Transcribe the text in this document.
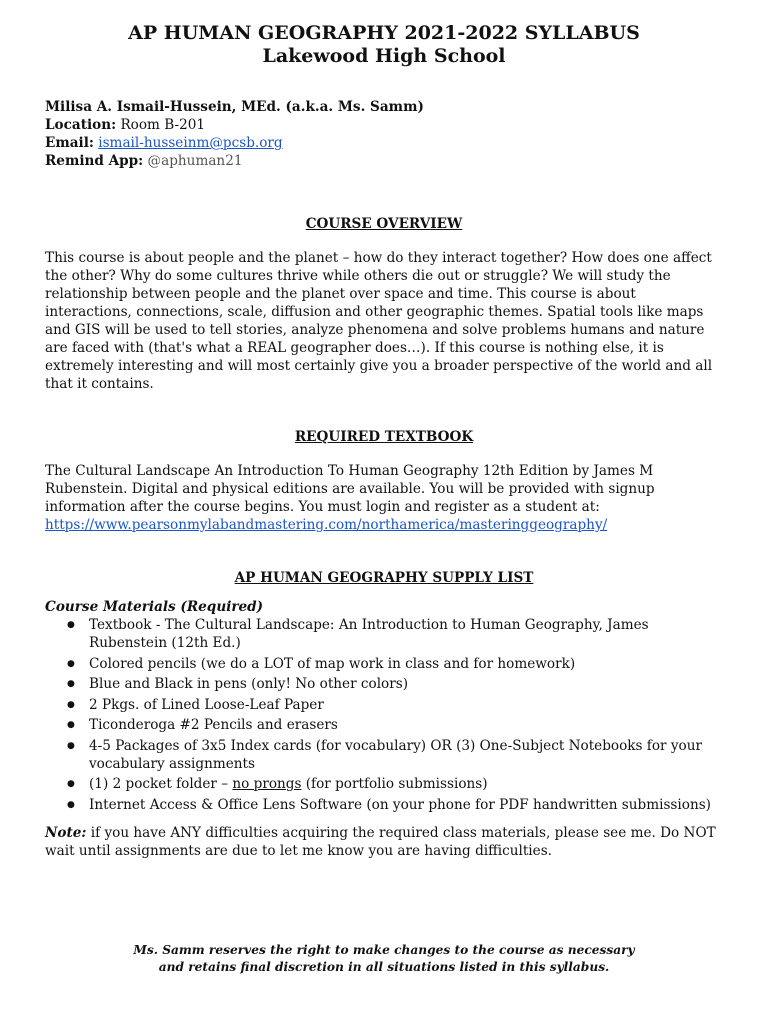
AP HUMAN GEOGRAPHY 2021-2022 SYLLABUS
Lakewood High School
Milisa A. Ismail-Hussein, MEd. (a.k.a. Ms. Samm)
Location: Room B-201
Email: ismail-husseinm@pcsb.org
Remind App: @aphuman21
COURSE OVERVIEW
This course is about people and the planet – how do they interact together? How does one affect the other? Why do some cultures thrive while others die out or struggle? We will study the relationship between people and the planet over space and time. This course is about interactions, connections, scale, diffusion and other geographic themes. Spatial tools like maps and GIS will be used to tell stories, analyze phenomena and solve problems humans and nature are faced with (that's what a REAL geographer does…). If this course is nothing else, it is extremely interesting and will most certainly give you a broader perspective of the world and all that it contains.
REQUIRED TEXTBOOK
The Cultural Landscape An Introduction To Human Geography 12th Edition by James M Rubenstein. Digital and physical editions are available. You will be provided with signup information after the course begins. You must login and register as a student at: https://www.pearsonmylabandmastering.com/northamerica/masteringgeography/
AP HUMAN GEOGRAPHY SUPPLY LIST
Course Materials (Required)
● Textbook - The Cultural Landscape: An Introduction to Human Geography, James Rubenstein (12th Ed.)
● Colored pencils (we do a LOT of map work in class and for homework)
● Blue and Black in pens (only! No other colors)
● 2 Pkgs. of Lined Loose-Leaf Paper
● Ticonderoga #2 Pencils and erasers
● 4-5 Packages of 3x5 Index cards (for vocabulary) OR (3) One-Subject Notebooks for your vocabulary assignments
● (1) 2 pocket folder – no prongs (for portfolio submissions)
● Internet Access & Office Lens Software (on your phone for PDF handwritten submissions)
Note: if you have ANY difficulties acquiring the required class materials, please see me. Do NOT wait until assignments are due to let me know you are having difficulties.
Ms. Samm reserves the right to make changes to the course as necessary
and retains final discretion in all situations listed in this syllabus.
